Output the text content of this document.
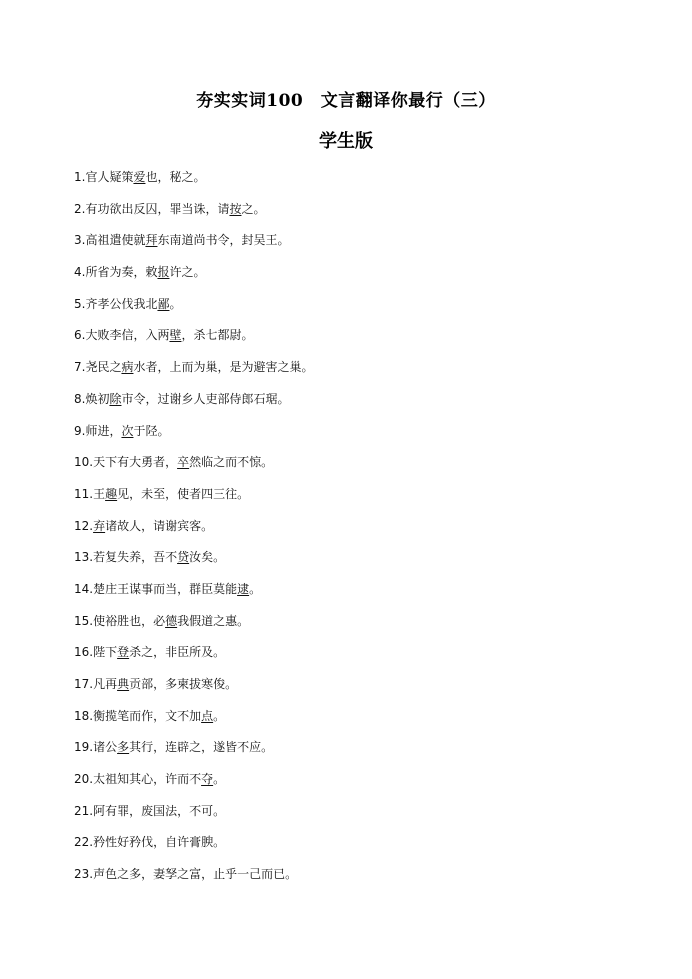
夯实实词100　文言翻译你最行（三）
学生版
1.官人疑策爱也，秘之。
2.有功欲出反囚，罪当诛，请按之。
3.高祖遣使就拜东南道尚书令，封吴王。
4.所省为奏，敕报许之。
5.齐孝公伐我北鄙。
6.大败李信，入两壁，杀七都尉。
7.尧民之病水者，上而为巢，是为避害之巢。
8.焕初除市令，过谢乡人吏部侍郎石琚。
9.师进，次于陉。
10.天下有大勇者，卒然临之而不惊。
11.王趣见，未至，使者四三往。
12.弃诸故人，请谢宾客。
13.若复失养，吾不贷汝矣。
14.楚庄王谋事而当，群臣莫能逮。
15.使裕胜也，必德我假道之惠。
16.陛下登杀之，非臣所及。
17.凡再典贡部，多柬拔寒俊。
18.衡揽笔而作，文不加点。
19.诸公多其行，连辟之，遂皆不应。
20.太祖知其心，许而不夺。
21.阿有罪，废国法，不可。
22.矜性好矜伐，自许膏腴。
23.声色之多，妻孥之富，止乎一己而已。
